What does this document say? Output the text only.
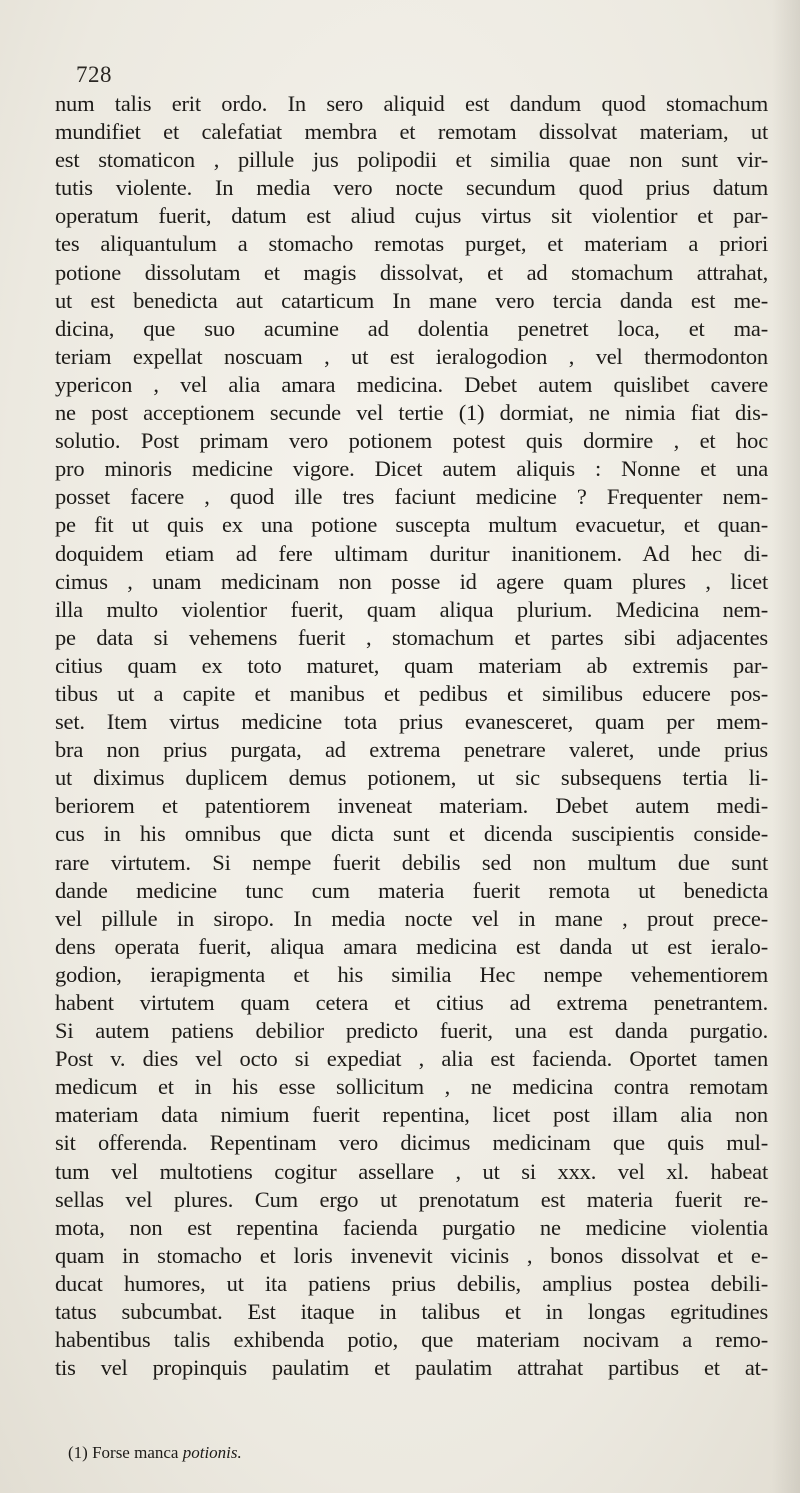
728
num talis erit ordo. In sero aliquid est dandum quod stomachum
mundifiet et calefatiat membra et remotam dissolvat materiam, ut
est stomaticon , pillule jus polipodii et similia quae non sunt vir-
tutis violente. In media vero nocte secundum quod prius datum
operatum fuerit, datum est aliud cujus virtus sit violentior et par-
tes aliquantulum a stomacho remotas purget, et materiam a priori
potione dissolutam et magis dissolvat, et ad stomachum attrahat,
ut est benedicta aut catarticum In mane vero tercia danda est me-
dicina, que suo acumine ad dolentia penetret loca, et ma-
teriam expellat noscuam , ut est ieralogodion , vel thermodonton
ypericon , vel alia amara medicina. Debet autem quislibet cavere
ne post acceptionem secunde vel tertie (1) dormiat, ne nimia fiat dis-
solutio. Post primam vero potionem potest quis dormire , et hoc
pro minoris medicine vigore. Dicet autem aliquis : Nonne et una
posset facere , quod ille tres faciunt medicine ? Frequenter nem-
pe fit ut quis ex una potione suscepta multum evacuetur, et quan-
doquidem etiam ad fere ultimam duritur inanitionem. Ad hec di-
cimus , unam medicinam non posse id agere quam plures , licet
illa multo violentior fuerit, quam aliqua plurium. Medicina nem-
pe data si vehemens fuerit , stomachum et partes sibi adjacentes
citius quam ex toto maturet, quam materiam ab extremis par-
tibus ut a capite et manibus et pedibus et similibus educere pos-
set. Item virtus medicine tota prius evanesceret, quam per mem-
bra non prius purgata, ad extrema penetrare valeret, unde prius
ut diximus duplicem demus potionem, ut sic subsequens tertia li-
beriorem et patentiorem inveneat materiam. Debet autem medi-
cus in his omnibus que dicta sunt et dicenda suscipientis conside-
rare virtutem. Si nempe fuerit debilis sed non multum due sunt
dande medicine tunc cum materia fuerit remota ut benedicta
vel pillule in siropo. In media nocte vel in mane , prout prece-
dens operata fuerit, aliqua amara medicina est danda ut est ieralo-
godion, ierapigmenta et his similia Hec nempe vehementiorem
habent virtutem quam cetera et citius ad extrema penetrantem.
Si autem patiens debilior predicto fuerit, una est danda purgatio.
Post v. dies vel octo si expediat , alia est facienda. Oportet tamen
medicum et in his esse sollicitum , ne medicina contra remotam
materiam data nimium fuerit repentina, licet post illam alia non
sit offerenda. Repentinam vero dicimus medicinam que quis mul-
tum vel multotiens cogitur assellare , ut si xxx. vel xl. habeat
sellas vel plures. Cum ergo ut prenotatum est materia fuerit re-
mota, non est repentina facienda purgatio ne medicine violentia
quam in stomacho et loris invenevit vicinis , bonos dissolvat et e-
ducat humores, ut ita patiens prius debilis, amplius postea debili-
tatus subcumbat. Est itaque in talibus et in longas egritudines
habentibus talis exhibenda potio, que materiam nocivam a remo-
tis vel propinquis paulatim et paulatim attrahat partibus et at-
(1) Forse manca potionis.
